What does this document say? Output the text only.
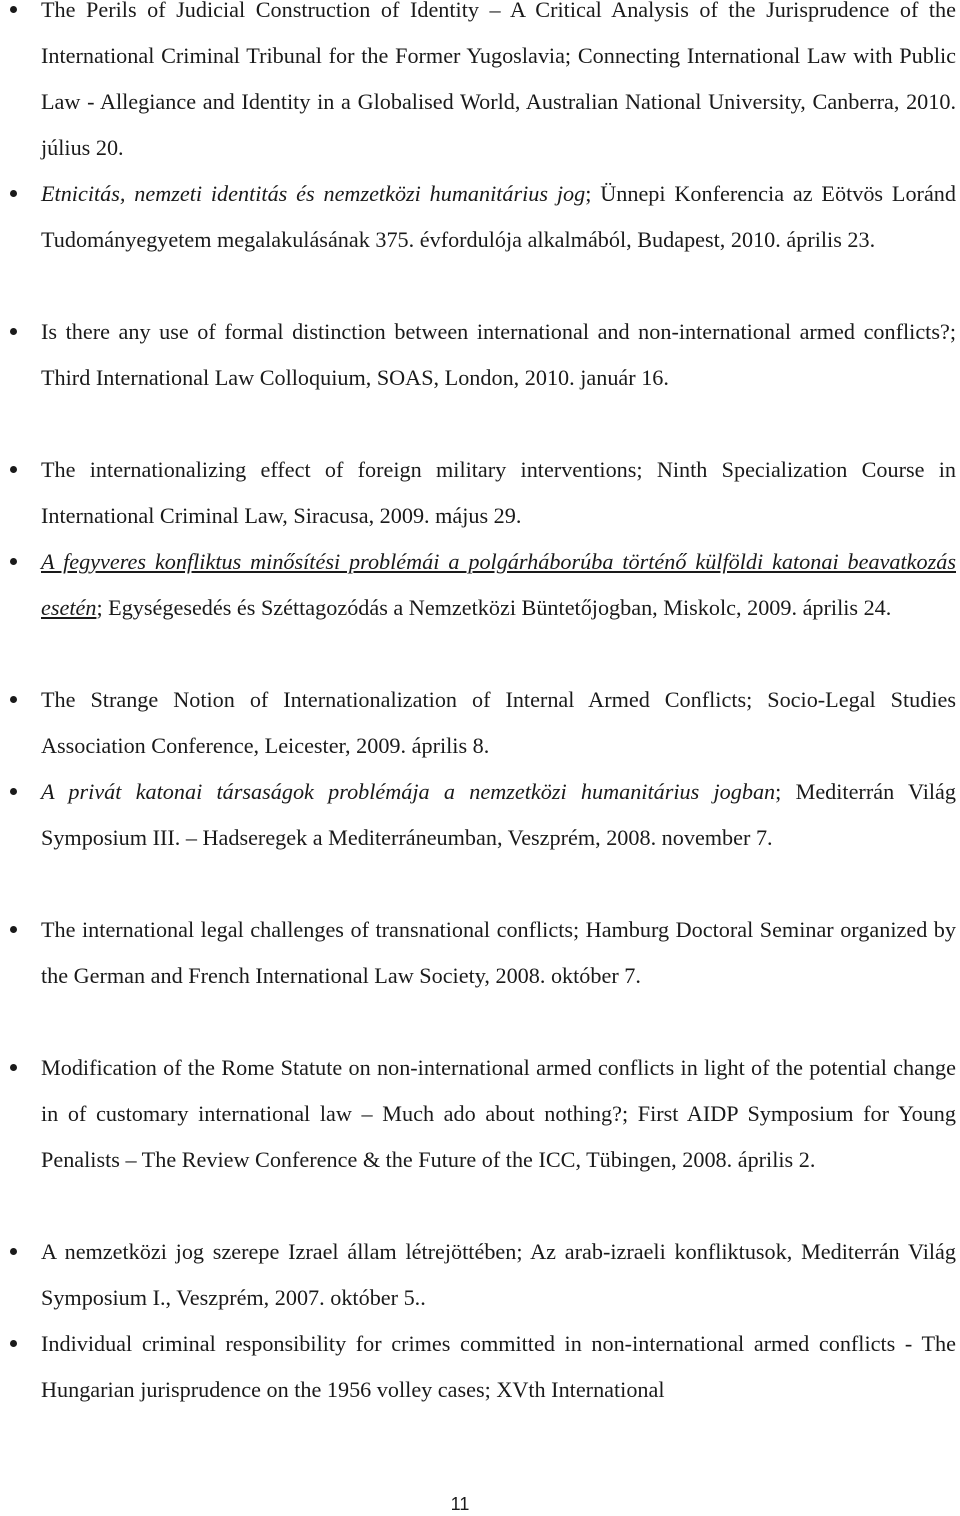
The Perils of Judicial Construction of Identity – A Critical Analysis of the Jurisprudence of the International Criminal Tribunal for the Former Yugoslavia; Connecting International Law with Public Law - Allegiance and Identity in a Globalised World, Australian National University, Canberra, 2010. július 20.

Etnicitás, nemzeti identitás és nemzetközi humanitárius jog; Ünnepi Konferencia az Eötvös Loránd Tudományegyetem megalakulásának 375. évfordulója alkalmából, Budapest, 2010. április 23.

Is there any use of formal distinction between international and non-international armed conflicts?; Third International Law Colloquium, SOAS, London, 2010. január 16.

The internationalizing effect of foreign military interventions; Ninth Specialization Course in International Criminal Law, Siracusa, 2009. május 29.

A fegyveres konfliktus minősítési problémái a polgárháborúba történő külföldi katonai beavatkozás esetén; Egységesedés és Széttagozódás a Nemzetközi Büntetőjogban, Miskolc, 2009. április 24.

The Strange Notion of Internationalization of Internal Armed Conflicts; Socio-Legal Studies Association Conference, Leicester, 2009. április 8.

A privát katonai társaságok problémája a nemzetközi humanitárius jogban; Mediterrán Világ Symposium III. – Hadseregek a Mediterráneumban, Veszprém, 2008. november 7.

The international legal challenges of transnational conflicts; Hamburg Doctoral Seminar organized by the German and French International Law Society, 2008. október 7.

Modification of the Rome Statute on non-international armed conflicts in light of the potential change in of customary international law – Much ado about nothing?; First AIDP Symposium for Young Penalists – The Review Conference & the Future of the ICC, Tübingen, 2008. április 2.

A nemzetközi jog szerepe Izrael állam létrejöttében; Az arab-izraeli konfliktusok, Mediterrán Világ Symposium I., Veszprém, 2007. október 5..

Individual criminal responsibility for crimes committed in non-international armed conflicts - The Hungarian jurisprudence on the 1956 volley cases; XVth International

11
